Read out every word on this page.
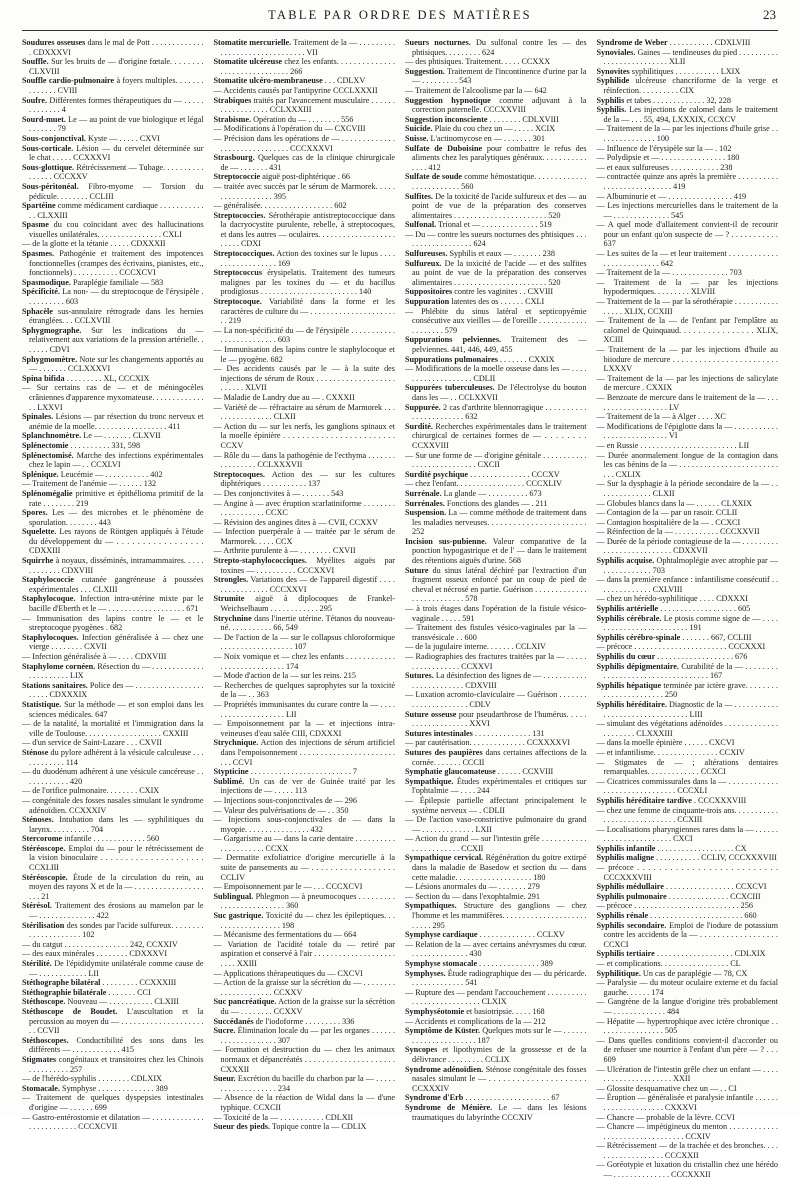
TABLE PAR ORDRE DES MATIÈRES	23

Soudures osseuses dans le mal de Pott . . . . . . . . . . . . . . CDXXXVI

Souffle. Sur les bruits de — d'origine fœtale. . . . . . . . CLXVIII

Souffle cardio-pulmonaire à foyers multiples. . . . . . . . . . . . . . CVIII

Soufre. Différentes formes thérapeutiques du — . . . . . . . . . . . . . 4

Sourd-muet. Le — au point de vue biologique et légal . . . . . . . 79

Sous-conjonctival. Kyste — . . . . . CXVI

Sous-corticale. Lésion — du cervelet déterminée sur le chat . . . . . CCXXXVI

Sous-glottique. Rétrécissement — Tubage. . . . . . . . . . . . . . . . CCCXXV

Sous-péritonéal. Fibro-myome — Torsion du pédicule. . . . . . . . CCLIII

Spartéine comme médicament cardiaque . . . . . . . . . . . . . CLXXIII

Spasme du cou coïncidant avec des hallucinations visuelles unilatérales. . . . . . . . . . . . . . . . CXLI

— de la glotte et la tétanie . . . . . CDXXXII

Spasmes. Pathogénie et traitement des impotences fonctionnelles (crampes des écrivains, pianistes, etc., fonctionnels) . . . . . . . . . . . CCCXCVI

Spasmodique. Paraplégie familiale — 583

Spécificité. La non- — du streptocoque de l'érysipèle . . . . . . . . . . 603

Sphacèle sus-annulaire rétrograde dans les hernies étranglées. . . CCLXVIII

Sphygmographe. Sur les indications du — relativement aux variations de la pression artérielle. . . . . . . CDVI

Sphygmomètre. Note sur les changements apportés au — . . . . . . . CCLXXXVI

Spina bifida . . . . . . . . . XL, CCCXIX

— Sur certains cas de — et de méningocèles crâniennes d'apparence myxomateuse. . . . . . . . . . . . . . . LXXVI

Spinales. Lésions — par résection du tronc nerveux et anémie de la moelle. . . . . . . . . . . . . . . . . . 411

Splanchnomètre. Le — . . . . . . . CLXVII

Splénectomie . . . . . . . . . . 331, 598

Splénectomisé. Marche des infections expérimentales chez le lapin — . . CCXLVI

Splénique. Leucémie — . . . . . . . . . . . 402

— Traitement de l'anémie — . . . . . . 132

Splénomégalie primitive et épithélioma primitif de la rate . . . . . . . . 219

Spores. Les — des microbes et le phénomène de sporulation. . . . . . . . 443

Squelette. Les rayons de Röntgen appliqués à l'étude du développement du — . . . . . . . . . . . . . . . . . CDXXIII

Squirrhe à noyaux, disséminés, intramammaires. . . . . . . . . . . . . CDXVIII

Staphylococcie cutanée gangréneuse à poussées expérimentales . . . CLXIII

Staphylocoque. Infection intra-utérine mixte par le bacille d'Eberth et le — . . . . . . . . . . . . . . . . . . . 671

— Immunisation des lapins contre le — et le streptocoque pyogènes . 682

Staphylocoques. Infection généralisée à — chez une vierge . . . . . . . . CXVII

— Infection généralisée à — . . . . CDXVIII

Staphylome cornéen. Résection du — . . . . . . . . . . . . . . . . . . . . . . . LIX

Stations sanitaires. Police des — . . . . . . . . . . . . . . . . . . . . . . CDXXXIX

Statistique. Sur la méthode — et son emploi dans les sciences médicales. 647

— de la natalité, la mortalité et l'immigration dans la ville de Toulouse. . . . . . . . . . . . . . . . . . . CXXIII

— d'un service de Saint-Lazare . . . CXVII

Sténose du pylore adhérent à la vésicule calculeuse . . . . . . . . . . . . 114

— du duodénum adhérent à une vésicule cancéreuse . . . . . . . . . . . . 420

— de l'orifice pulmonaire. . . . . . . . CXIX

— congénitale des fosses nasales simulant le syndrome adénoïdien. CCXXXIV

Sténoses. Intubation dans les — syphilitiques du larynx. . . . . . . . . . 704

Stercorome infantile . . . . . . . . . . . . . 560

Stéréoscope. Emploi du — pour le rétrécissement de la vision binoculaire . . . . . . . . . . . . . . . . . . . . . CCXLIII

Stéréoscopie. Étude de la circulation du rein, au moyen des rayons X et de la — . . . . . . . . . . . . . . . . . . . . 21

Stérésol. Traitement des érosions au mamelon par le — . . . . . . . . . . . . . . 422

Stérilisation des sondes par l'acide sulfureux. . . . . . . . . . . . . . . . . . . . . 102

— du catgut . . . . . . . . . . . . . . . . 242, CCXXIV

— des eaux minérales . . . . . . . . CDXXXVI

Stérilité. De l'épididymite unilatérale comme cause de — . . . . . . . . . . . . LII

Stéthographe bilatéral . . . . . . . . . CCXXXIII

Stéthographie bilatérale . . . . . . . CCI

Stéthoscope. Nouveau — . . . . . . . . . . . CLXIII

Stéthoscope de Boudet. L'auscultation et la percussion au moyen du — . . . . . . . . . . . . . . . . . . . . . . CCVII

Stéthoscopes. Conductibilité des sons dans les différents — . . . . . . . . . . . . 415

Stigmates congénitaux et transitoires chez les Chinois . . . . . . . . . . 257

— de l'hérédo-syphilis . . . . . . . . CDLXIX

Stomacale. Symphyse . . . . . . . . . . . . . . 389

— Traitement de quelques dyspepsies intestinales d'origine — . . . . . . 699

— Gastro-entérostomie et dilatation — . . . . . . . . . . . . . . . . . . . . . . . . . CCCXCVII

Stomatite mercurielle. Traitement de la — . . . . . . . . . . . . . . . . . . . . . . . . . . . . . . VII

Stomatite ulcéreuse chez les enfants. . . . . . . . . . . . . . . . . . . . . . . . . . . . . . . 266

Stomatite ulcéro-membraneuse . . . CDLXV

— Accidents causés par l'antipyrine CCCLXXXII

Strabiques traités par l'avancement musculaire . . . . . . . . . . . . . . . . . . CCLXXXIII

Strabisme. Opération du — . . . . . . . . 556

— Modifications à l'opération du — CXCVIII

— Précision dans les opérations de — . . . . . . . . . . . . . . . . . . . . . . . . . . . . . . CCCXXXVI

Strasbourg. Quelques cas de la clinique chirurgicale de — . . . . . . . 431

Streptococcie aiguë post-diphtérique . 66

— traitée avec succès par le sérum de Marmorek. . . . . . . . . . . . . . . . . . 395

— généralisée. . . . . . . . . . . . . . . . . . 602

Streptococcies. Sérothérapie antistreptococcique dans la dacryocystite purulente, rebelle, à streptocoques, et dans les autres — oculaires. . . . . . . . . . . . . . . . . . . . . . . . CDXI

Streptococciques. Action des toxines sur le lupus . . . . . . . . . . . . . . . . . . 169

Streptococcus érysipelatis. Traitement des tumeurs malignes par les toxines du — et du bacillus prodigiosus . . . . . . . . . . . . . . . . . . . . . . . . 140

Streptocoque. Variabilité dans la forme et les caractères de culture du — . . . . . . . . . . . . . . . . . . . . . . . 219

— La non-spécificité du — de l'érysipèle . . . . . . . . . . . . . . . . . . . . . . . . . 603

— Immunisation des lapins contre le staphylocoque et le — pyogène. 682

— Des accidents causés par le — à la suite des injections de sérum de Roux . . . . . . . . . . . . . . . . . . . . . . . . . XLVII

— Maladie de Landry due au — . CXXXII

— Variété de — réfractaire au sérum de Marmorek . . . . . . . . . . . . . . . . CLXII

— Action du — sur les nerfs, les ganglions spinaux et la moelle épinière . . . . . . . . . . . . . . . . . . . . . . . . CCXV

— Rôle du — dans la pathogénie de l'ecthyma . . . . . . . . . . . . . . . . CCLXXXVII

Streptocoques. Action des — sur les cultures diphtériques . . . . . . . . . . . 137

— Des conjonctivites à — . . . . . . . 543

— Angine à — avec éruption scarlatiniforme . . . . . . . . . . . . . . . . . . . CCXC

— Révision des angines dites à — CVII, CCXXV

— Infection puerpérale à — traitée par le sérum de Marmorek. . . . . CCX

— Arthrite purulente à — . . . . . . . . CXVII

Strepto-staphylococciques. Myélites aiguës par toxines — . . . . . . . . . . CCCXXVI

Strongles. Variations des — de l'appareil digestif . . . . . . . . . . . . . . . . CCCXXVI

Strumite aiguë à diplocoques de Frankel-Weichselbaum . . . . . . . . . . . . 295

Strychnine dans l'inertie utérine. Tétanos du nouveau-né. . . . . . . . . . . 66, 549

— De l'action de la — sur le collapsus chloroformique . . . . . . . . . . . . . . . . . . 107

— Noix vomique et — chez les enfants . . . . . . . . . . . . . . . . . . . . . . . . . . . . 174

— Mode d'action de la — sur les reins. 215

— Recherches de quelques saprophytes sur la toxicité de la — . . 363

— Propriétés immunisantes du curare contre la — . . . . . . . . . . . . . . . . . . . . LII

— Empoisonnement par la — et injections intra-veineuses d'eau salée CIII, CDXXXI

Strychnique. Action des injections de sérum artificiel dans l'empoisonnement . . . . . . . . . . . . . . . . . . . . . . . . . . CCVI

Stypticine . . . . . . . . . . . . . . . . . . . . . . . . . 7

Sublimé. Un cas de ver de Guinée traité par les injections de — . . . . . 113

— Injections sous-conjonctivales de — 296

— Valeur des pulvérisations de — . . 350

— Injections sous-conjonctivales de — dans la myopie. . . . . . . . . . . . . . . . 432

— Gargarisme au — dans la carie dentaire . . . . . . . . . . . . . . . . . . . . . CCXX

— Dermatite exfoliatrice d'origine mercurielle à la suite de pansements au — . . . . . . . . . . . . . . . . . . CCLIV

— Empoisonnement par le — . . . CCCXCVI

Sublingual. Phlegmon — à pneumocoques . . . . . . . . . . . . . . . . . . . . . . . . . 360

Suc gastrique. Toxicité du — chez les épileptiques. . . . . . . . . . . . . . . . . . 198

— Mécanisme des fermentations du — 664

— Variation de l'acidité totale du — retiré par aspiration et conservé à l'air . . . . . . . . . . . . . . . . . . . . . . . . XXIII

— Applications thérapeutiques du — CXCVI

— Action de la graisse sur la sécrétion du — . . . . . . . . . . . . . . . . . . . . . CCXXV

Suc pancréatique. Action de la graisse sur la sécrétion du — . . . . . . . . CCXXV

Succédanés de l'iodoforme . . . . . . . . . 336

Sucre. Élimination locale du — par les organes . . . . . . . . . . . . . . . . . . . . 307

— Formation et destruction du — chez les animaux normaux et dépancréatés . . . . . . . . . . . . . . . . . . . . . CXXXII

Sueur. Excrétion du bacille du charbon par la — . . . . . . . . . . . . . . . . . . . 234

— Absence de la réaction de Widal dans la — d'une typhique. CCXCII

— Toxicité de la — . . . . . . . . . . . CDLXII

Sueur des pieds. Topique contre la — CDLIX

Sueurs nocturnes. Du sulfonal contre les — des phtisiques. . . . . . . . . 624

— des phtisiques. Traitement. . . . . CCXXX

Suggestion. Traitement de l'incontinence d'urine par la — . . . . . . . . . 543

— Traitement de l'alcoolisme par la — 642

Suggestion hypnotique comme adjuvant à la correction paternelle. CCCXXVIII

Suggestion inconsciente . . . . . . . . CDLXVIII

Suicide. Plaie du cou chez un — . . . . . XCIX

Suisse. L'actinomycose en — . . . . . . . 301

Sulfate de Duboisine pour combattre le refus des aliments chez les paralytiques généraux. . . . . . . . . . . . . . . 412

Sulfate de soude comme hémostatique. . . . . . . . . . . . . . . . . . . . . . . . . 560

Sulfites. De la toxicité de l'acide sulfureux et des — au point de vue de la préparation des conserves alimentaires . . . . . . . . . . . . . . . . . . . . . . . 520

Sulfonal. Trional et — . . . . . . . . . . . . . . 519

— Du — contre les sueurs nocturnes des phtisiques . . . . . . . . . . . . . . . . . . 624

Sulfureuses. Syphilis et eaux — . . . . . . . 238

Sulfureux. De la toxicité de l'acide — et des sulfites au point de vue de la préparation des conserves alimentaires . . . . . . . . . . . . . . . . . . . . . . . 520

Suppositoires contre les vaginites . . CXVIII

Suppuration latentes des os . . . . . . CXLI

— Phlébite du sinus latéral et septicopyémie consécutive aux vieilles — de l'oreille . . . . . . . . . . . . . . . . . . . . 579

Suppurations pelviennes. Traitement des — pelviennes. 441, 446, 449, 455

Suppurations pulmonaires . . . . . . . CXXIX

— Modifications de la moelle osseuse dans les — . . . . . . . . . . . . . . . . . . . CDLII

Suppurées tuberculeuses. De l'électrolyse du bouton dans les — . . CCLXXVII

Suppurée. 2 cas d'arthrite blennorragique . . . . . . . . . . . . . . . . . . . . . . . 632

Surdité. Recherches expérimentales dans le traitement chirurgical de certaines formes de — . . . . . . . . CCXXVIII

— Sur une forme de — d'origine génitale . . . . . . . . . . . . . . . . . . . . . . . . . . . CXCII

Surdité psychique . . . . . . . . . . . . . . . CCCXV

— chez l'enfant. . . . . . . . . . . . . . . . . CCCXLIV

Surrénale. La glande — . . . . . . . . . . 673

Surrénales. Fonctions des glandes — . 211

Suspension. La — comme méthode de traitement dans les maladies nerveuses. . . . . . . . . . . . . . . . . . . . . . . 252

Incision sus-pubienne. Valeur comparative de la ponction hypogastrique et de l' — dans le traitement des rétentions aiguës d'urine. 568

Suture du sinus latéral déchiré par l'extraction d'un fragment osseux enfoncé par un coup de pied de cheval et nécrosé en partie. Guérison . . . . . . . . . . . . . . . . . . . . . . . . . . 578

— à trois étages dans l'opération de la fistule vésico-vaginale . . . . . 591

— Traitement des fistules vésico-vaginales par la — transvésicale . . 600

— de la jugulaire interne. . . . . . . CCLXIV

— Radiographies des fractures traitées par la — . . . . . . . . . . . . . . . . . CCXXVI

Sutures. La désinfection des lignes de — . . . . . . . . . . . . . . . . . . . . . . . . CDXVIII

— Luxation acromio-claviculaire — Guérison . . . . . . . . . . . . . . . . . . . . . CDLV

Suture osseuse pour pseudarthrose de l'humérus. . . . . . . . . . . . . . . . . . . XXVI

Sutures intestinales . . . . . . . . . . . . . . 131

— par cautérisation. . . . . . . . . . . . . . CCXXXXVI

Sutures des paupières dans certaines affections de la cornée. . . . . . . CCCII

Symphatie glaucomateuse . . . . . . CCXVIII

Sympathique. Études expérimentales et critiques sur l'ophtalmie — . . . . 244

— Épilepsie partielle affectant principalement le système nerveux — . CDLII

— De l'action vaso-constrictive pulmonaire du grand — . . . . . . . . . . . . . LXII

— Action du grand — sur l'intestin grêle . . . . . . . . . . . . . . . . . . . . . . . CCXII

Sympathique cervical. Régénération du goitre extirpé dans la maladie de Basedow et section du — dans cette maladie. . . . . . . . . . . . . . . . . . . 180

— Lésions anormales du — . . . . . . . 279

— Section du — dans l'exophtalmie. 291

Sympathiques. Structure des ganglions — chez l'homme et les mammifères. . . . . . . . . . . . . . . . . . . . . . . . . . 295

Symphyse cardiaque . . . . . . . . . . . . . . CCLXV

— Relation de la — avec certains anévrysmes du cœur. . . . . . . . . . . . . . . 430

Symphyse stomacale . . . . . . . . . . . . . . . 389

Symphyses. Étude radiographique des — du péricarde. . . . . . . . . . . . . . 541

— Rupture des — pendant l'accouchement . . . . . . . . . . . . . . . . . . . . . . . . . . . CLXIX

Symphyséotomie et basiotripsie. . . . . 168

— Accidents et complications de la — 212

Symptôme de Küster. Quelques mots sur le — . . . . . . . . . . . . . . . . . . . . . . 187

Syncopes et lipothymies de la grossesse et de la délivrance . . . . . . . . . CCLIX

Syndrome adénoïdien. Sténose congénitale des fosses nasales simulant le — . . . . . . . . . . . . . . . . . . . . . CCXXXIV

Syndrome d'Erb . . . . . . . . . . . . . . . . . . . . . 67

Syndrome de Ménière. Le — dans les lésions traumatiques du labyrinthe CCCXIV

Syndrome de Weber . . . . . . . . . . . CDXLVIII

Synoviales. Gaines — tendineuses du pied . . . . . . . . . . . . . . . . . . . . . . . . . . XLII

Synovites syphilitiques . . . . . . . . . . . LXIX

Syphilide ulcéreuse chancriforme de la verge et réinfection. . . . . . . . . . CIX

Syphilis et tabes . . . . . . . . . . . . . 32, 228

Syphilis. Les injections de calomel dans le traitement de la — . . . 55, 494, LXXXIX, CCXCV

— Traitement de la — par les injections d'huile grise . . . . . . . . . . . . . . . 100

— Influence de l'érysipèle sur la — . 102

— Polydipsie et — . . . . . . . . . . . . . . . . 180

— et eaux sulfureuses . . . . . . . . . . . . 238

— contractée quinze ans après la première . . . . . . . . . . . . . . . . . . . . . . . . . . . 419

— Albuminurie et — . . . . . . . . . . . . . . . . 419

— Les injections mercurielles dans le traitement de la — . . . . . . . . . . . . . . 545

— A quel mode d'allaitement convient-il de recourir pour un enfant qu'on suspecte de — ? . . . . . . . . . . . 637

— Les suites de la — et leur traitement . . . . . . . . . . . . . . . . . . . . . . . . . . 642

— Traitement de la — . . . . . . . . . . . . . . 703

— Traitement de la — par les injections hypodermiques. . . . . . . . . XLVIII

— Traitement de la — par la sérothérapie . . . . . . . . . . . . . . . . XLIX, CCXIII

— Traitement de la — de l'enfant par l'emplâtre au calomel de Quinquaud. . . . . . . . . . . . . . . . XLIX, XCIII

— Traitement de la — par les injections d'huile au biiodure de mercure . . . . . . . . . . . . . . . . . . . . . . . . LXXXV

— Traitement de la — par les injections de salicylate de mercure . CXXIX

— Benzoate de mercure dans le traitement de la — . . . . . . . . . . . . . . . . . . . LV

— Traitement de la — à Alger . . . . XC

— Modifications de l'épiglotte dans la — . . . . . . . . . . . . . . . . . . . . . . . . . . . VI

— en Russie . . . . . . . . . . . . . . . . . . . . . . . . LII

— Durée anormalement longue de la contagion dans les cas bénins de la — . . . . . . . . . . . . . . . . . . . . . . . . . . . CXLIX

— Sur la dysphagie à la période secondaire de la — . . . . . . . . . . . . . . CLXII

— Globules blancs dans la — . . . . . . CLXXIX

— Contagion de la — par un rasoir. CCLII

— Contagion hospitalière de la — . CCXCI

— Réinfection de la — . . . . . . . . . . . CCCXXVII

— Durée de la période contagieuse de la — . . . . . . . . . . . . . . . . . . . . . . . . . . CDXXVII

Syphilis acquise. Ophtalmoplégie avec atrophie par — . . . . . . . . . . . . 703

— dans la première enfance : infantilisme consécutif . . . . . . . . . . . . . . CXLVIII

— chez un hérédo-syphilitique . . . . CDXXXI

Syphilis artérielle . . . . . . . . . . . . . . . . . . . 605

Syphilis cérébrale. Le ptosis comme signe de — . . . . . . . . . . . . . . . . . . . . . . . . . 191

Syphilis cérébro-spinale . . . . . . . 667, CCLIII

— précoce . . . . . . . . . . . . . . . . . . . . . . . CCCXXXI

Syphilis du cœur . . . . . . . . . . . . . . . . . . . 676

Syphilis dépigmentaire. Curabilité de la — . . . . . . . . . . . . . . . . . . . . . . . . . . . . . . . . . . 167

Syphilis hépatique terminée par ictère grave. . . . . . . . . . . . . . . . . . . . . . . 250

Syphilis héréditaire. Diagnostic de la — . . . . . . . . . . . . . . . . . . . . . . . . . . . . . . . . LIII

— simulant des végétations adénoïdes . . . . . . . . . . . . . . . . . . . . . CLXXXIII

— dans la moelle épinière . . . . . . CXCVI

— et infantilisme. . . . . . . . . . . . . . . . CCXIV

— Stigmates de — ; altérations dentaires remarquables. . . . . . . . . . . . . CCXCI

— Cicatrices commissurales dans la — . . . . . . . . . . . . . . . . . . . . . . . . . . . . . . CCCXLI

Syphilis héréditaire tardive . CCCXXXVIII

— chez une femme de cinquante-trois ans. . . . . . . . . . . . . . . . . . . . . . . . . . . . . CCXIII

— Localisations pharyngiennes rares dans la — . . . . . . . . . . . . . . . . . . . . . . . CXCI

Syphilis infantile . . . . . . . . . . . . . . . . . . . CX

Syphilis maligne . . . . . . . . . . . CCLIV, CCCXXXVIII

— précoce . . . . . . . . . . . . . . . . . . . . . . . . . . CCCXXXVIII

Syphilis médullaire . . . . . . . . . . . . . . . . . CCXCVI

Syphilis pulmonaire . . . . . . . . . . . . . . . CCXCIII

— précoce . . . . . . . . . . . . . . . . . . . . . . . . . . 256

Syphilis rénale . . . . . . . . . . . . . . . . . . . . . . . 660

Syphilis secondaire. Emploi de l'iodure de potassium contre les accidents de la — . . . . . . . . . . . . . . . . . . CCXCI

Syphilis tertiaire . . . . . . . . . . . . . . . . . . . CDLXIX

— et complications. . . . . . . . . . . . . . . . . CL

Syphilitique. Un cas de paraplégie — 78, CX

— Paralysie — du moteur oculaire externe et du facial gauche. . . . . . 174

— Gangrène de la langue d'origine très probablement — . . . . . . . . . . . . . 484

— Hépatite — hypertrophique avec ictère chronique . . . . . . . . . . . . . . . . . 505

— Dans quelles conditions convient-il d'accorder ou de refuser une nourrice à l'enfant d'un père — ? . . . 609

— Ulcération de l'intestin grêle chez un enfant — . . . . . . . . . . . . . . . . . . . . . XXII

— Glossite desquamative chez un — . . CI

— Éruption — généralisée et paralysie infantile . . . . . . . . . . . . . . . . . . . . . CXXXVI

— Chancre — probable de la lèvre. CCVI

— Chancre — impétigineux du menton . . . . . . . . . . . . . . . . . . . . . . . . . . . . . . . . CCXIV

— Rétrécissement — de la trachée et des bronches. . . . . . . . . . . . . . . . . . . CCCXXII

— Goréotypie et luxation du cristallin chez une hérédo— . . . . . . . . . . . . . . CCCXXXII
